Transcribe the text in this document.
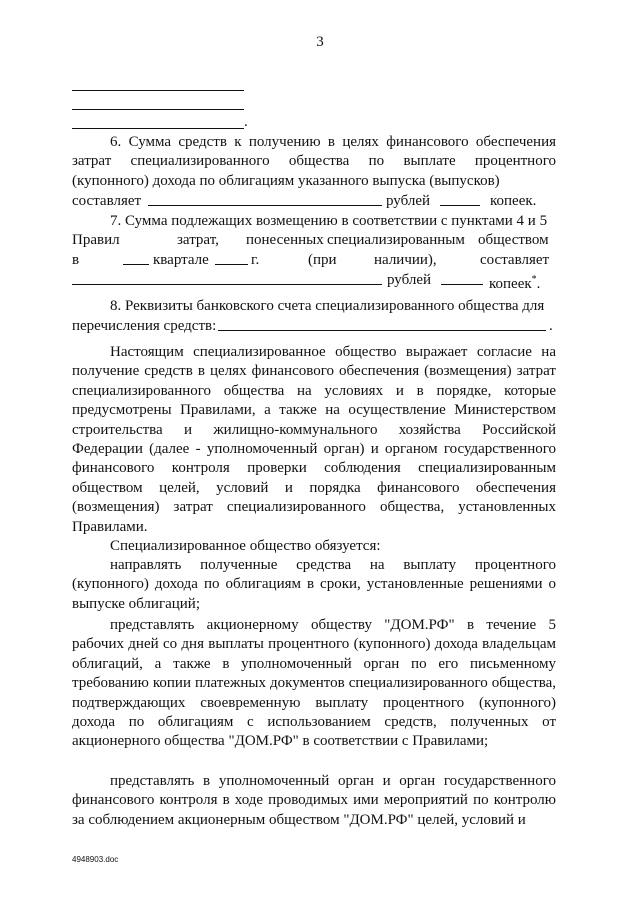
3
.
6. Сумма средств к получению в целях финансового обеспечения затрат специализированного общества по выплате процентного (купонного) дохода по облигациям указанного выпуска (выпусков)
составляет	рублей	копеек.
7. Сумма подлежащих возмещению в соответствии с пунктами 4 и 5
Правил	затрат, понесенных специализированным обществом
в	квартале	г.	(при наличии),	составляет
рублей	копеек*.
8. Реквизиты банковского счета специализированного общества для
перечисления средств:	.
Настоящим специализированное общество выражает согласие на получение средств в целях финансового обеспечения (возмещения) затрат специализированного общества на условиях и в порядке, которые предусмотрены Правилами, а также на осуществление Министерством строительства и жилищно-коммунального хозяйства Российской Федерации (далее - уполномоченный орган) и органом государственного финансового контроля проверки соблюдения специализированным обществом целей, условий и порядка финансового обеспечения (возмещения) затрат специализированного общества, установленных Правилами.
Специализированное общество обязуется:
направлять полученные средства на выплату процентного (купонного) дохода по облигациям в сроки, установленные решениями о выпуске облигаций;
представлять акционерному обществу "ДОМ.РФ" в течение 5 рабочих дней со дня выплаты процентного (купонного) дохода владельцам облигаций, а также в уполномоченный орган по его письменному требованию копии платежных документов специализированного общества, подтверждающих своевременную выплату процентного (купонного) дохода по облигациям с использованием средств, полученных от акционерного общества "ДОМ.РФ" в соответствии с Правилами;
представлять в уполномоченный орган и орган государственного финансового контроля в ходе проводимых ими мероприятий по контролю за соблюдением акционерным обществом "ДОМ.РФ" целей, условий и
4948903.doc
